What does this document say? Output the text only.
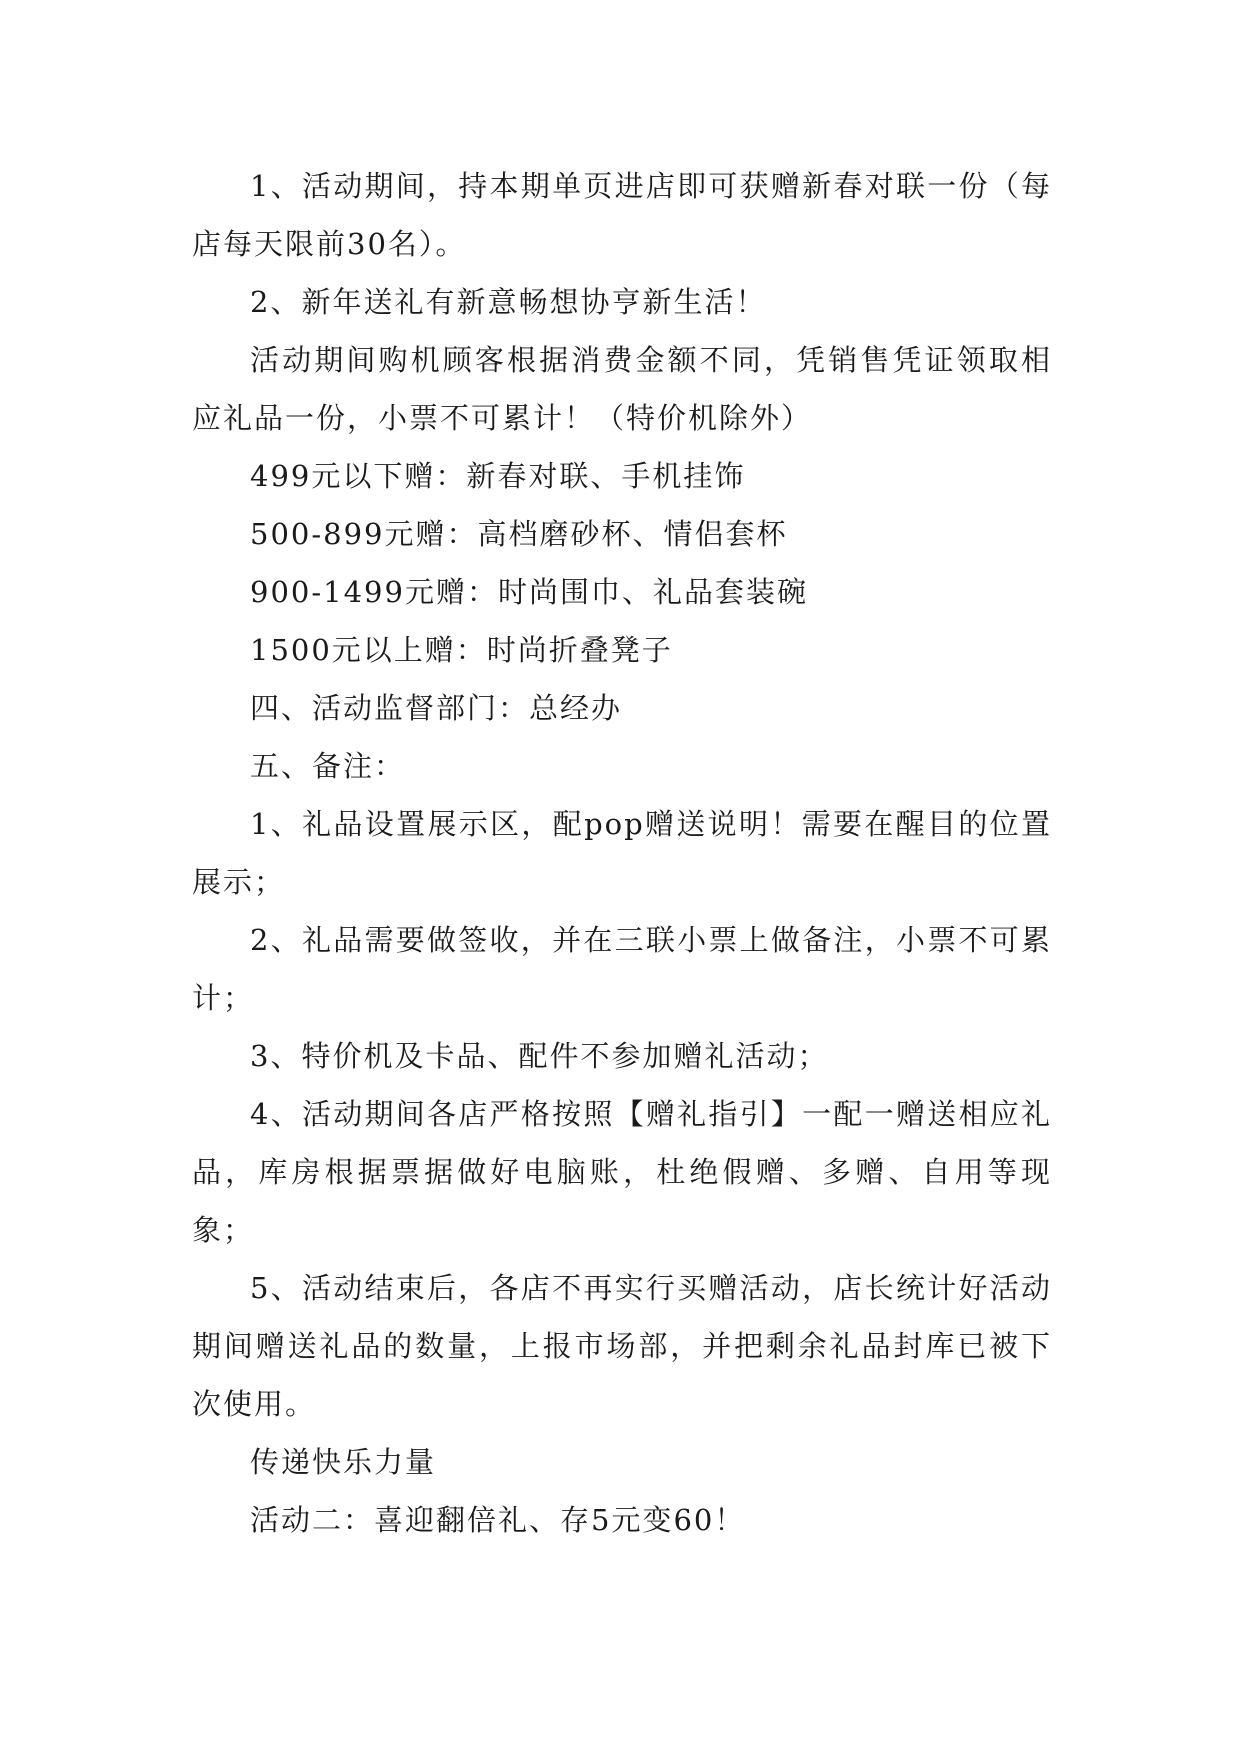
1、活动期间，持本期单页进店即可获赠新春对联一份（每店每天限前30名）。

2、新年送礼有新意畅想协亨新生活！

活动期间购机顾客根据消费金额不同，凭销售凭证领取相应礼品一份，小票不可累计！（特价机除外）

499元以下赠：新春对联、手机挂饰

500-899元赠：高档磨砂杯、情侣套杯

900-1499元赠：时尚围巾、礼品套装碗

1500元以上赠：时尚折叠凳子

四、活动监督部门：总经办

五、备注：

1、礼品设置展示区，配pop赠送说明！需要在醒目的位置展示；

2、礼品需要做签收，并在三联小票上做备注，小票不可累计；

3、特价机及卡品、配件不参加赠礼活动；

4、活动期间各店严格按照【赠礼指引】一配一赠送相应礼品，库房根据票据做好电脑账，杜绝假赠、多赠、自用等现象；

5、活动结束后，各店不再实行买赠活动，店长统计好活动期间赠送礼品的数量，上报市场部，并把剩余礼品封库已被下次使用。

传递快乐力量

活动二：喜迎翻倍礼、存5元变60！
